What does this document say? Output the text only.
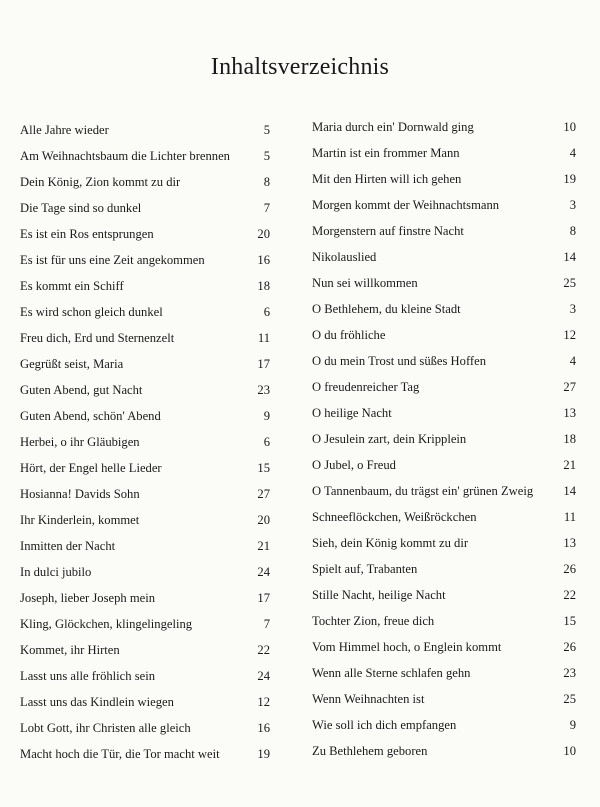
Inhaltsverzeichnis
Alle Jahre wieder	5
Am Weihnachtsbaum die Lichter brennen	5
Dein König, Zion kommt zu dir	8
Die Tage sind so dunkel	7
Es ist ein Ros entsprungen	20
Es ist für uns eine Zeit angekommen	16
Es kommt ein Schiff	18
Es wird schon gleich dunkel	6
Freu dich, Erd und Sternenzelt	11
Gegrüßt seist, Maria	17
Guten Abend, gut Nacht	23
Guten Abend, schön' Abend	9
Herbei, o ihr Gläubigen	6
Hört, der Engel helle Lieder	15
Hosianna! Davids Sohn	27
Ihr Kinderlein, kommet	20
Inmitten der Nacht	21
In dulci jubilo	24
Joseph, lieber Joseph mein	17
Kling, Glöckchen, klingelingeling	7
Kommet, ihr Hirten	22
Lasst uns alle fröhlich sein	24
Lasst uns das Kindlein wiegen	12
Lobt Gott, ihr Christen alle gleich	16
Macht hoch die Tür, die Tor macht weit	19
Maria durch ein' Dornwald ging	10
Martin ist ein frommer Mann	4
Mit den Hirten will ich gehen	19
Morgen kommt der Weihnachtsmann	3
Morgenstern auf finstre Nacht	8
Nikolauslied	14
Nun sei willkommen	25
O Bethlehem, du kleine Stadt	3
O du fröhliche	12
O du mein Trost und süßes Hoffen	4
O freudenreicher Tag	27
O heilige Nacht	13
O Jesulein zart, dein Kripplein	18
O Jubel, o Freud	21
O Tannenbaum, du trägst ein' grünen Zweig 14
Schneeflöckchen, Weißröckchen	11
Sieh, dein König kommt zu dir	13
Spielt auf, Trabanten	26
Stille Nacht, heilige Nacht	22
Tochter Zion, freue dich	15
Vom Himmel hoch, o Englein kommt	26
Wenn alle Sterne schlafen gehn	23
Wenn Weihnachten ist	25
Wie soll ich dich empfangen	9
Zu Bethlehem geboren	10
